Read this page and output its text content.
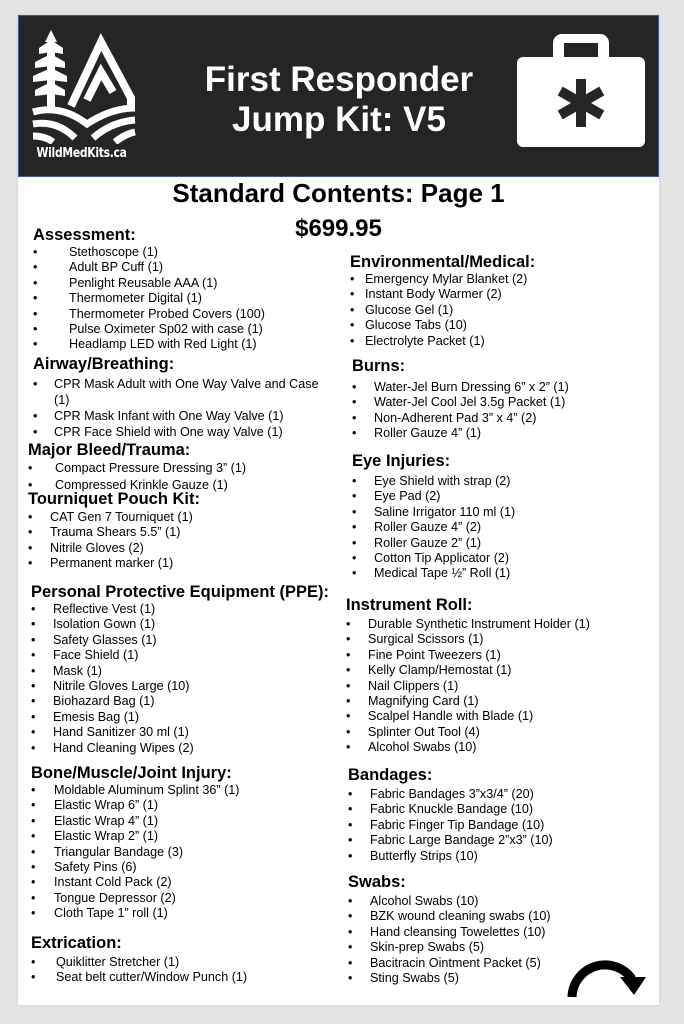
WildMedKits.ca
First Responder
Jump Kit: V5
Standard Contents: Page 1
$699.95
Assessment:
• Stethoscope (1)
• Adult BP Cuff (1)
• Penlight Reusable AAA (1)
• Thermometer Digital (1)
• Thermometer Probed Covers (100)
• Pulse Oximeter Sp02 with case (1)
• Headlamp LED with Red Light (1)
Airway/Breathing:
• CPR Mask Adult with One Way Valve and Case (1)
• CPR Mask Infant with One Way Valve (1)
• CPR Face Shield with One way Valve (1)
Major Bleed/Trauma:
• Compact Pressure Dressing 3” (1)
• Compressed Krinkle Gauze (1)
Tourniquet Pouch Kit:
• CAT Gen 7 Tourniquet (1)
• Trauma Shears 5.5” (1)
• Nitrile Gloves (2)
• Permanent marker (1)
Personal Protective Equipment (PPE):
• Reflective Vest (1)
• Isolation Gown (1)
• Safety Glasses (1)
• Face Shield (1)
• Mask (1)
• Nitrile Gloves Large (10)
• Biohazard Bag (1)
• Emesis Bag (1)
• Hand Sanitizer 30 ml (1)
• Hand Cleaning Wipes (2)
Bone/Muscle/Joint Injury:
• Moldable Aluminum Splint 36” (1)
• Elastic Wrap 6” (1)
• Elastic Wrap 4” (1)
• Elastic Wrap 2” (1)
• Triangular Bandage (3)
• Safety Pins (6)
• Instant Cold Pack (2)
• Tongue Depressor (2)
• Cloth Tape 1” roll (1)
Extrication:
• Quiklitter Stretcher (1)
• Seat belt cutter/Window Punch (1)
Environmental/Medical:
• Emergency Mylar Blanket (2)
• Instant Body Warmer (2)
• Glucose Gel (1)
• Glucose Tabs (10)
• Electrolyte Packet (1)
Burns:
• Water-Jel Burn Dressing 6” x 2” (1)
• Water-Jel Cool Jel 3.5g Packet (1)
• Non-Adherent Pad 3” x 4” (2)
• Roller Gauze 4” (1)
Eye Injuries:
• Eye Shield with strap (2)
• Eye Pad (2)
• Saline Irrigator 110 ml (1)
• Roller Gauze 4” (2)
• Roller Gauze 2” (1)
• Cotton Tip Applicator (2)
• Medical Tape ½” Roll (1)
Instrument Roll:
• Durable Synthetic Instrument Holder (1)
• Surgical Scissors (1)
• Fine Point Tweezers (1)
• Kelly Clamp/Hemostat (1)
• Nail Clippers (1)
• Magnifying Card (1)
• Scalpel Handle with Blade (1)
• Splinter Out Tool (4)
• Alcohol Swabs (10)
Bandages:
• Fabric Bandages 3”x3/4” (20)
• Fabric Knuckle Bandage (10)
• Fabric Finger Tip Bandage (10)
• Fabric Large Bandage 2”x3” (10)
• Butterfly Strips (10)
Swabs:
• Alcohol Swabs (10)
• BZK wound cleaning swabs (10)
• Hand cleansing Towelettes (10)
• Skin-prep Swabs (5)
• Bacitracin Ointment Packet (5)
• Sting Swabs (5)
